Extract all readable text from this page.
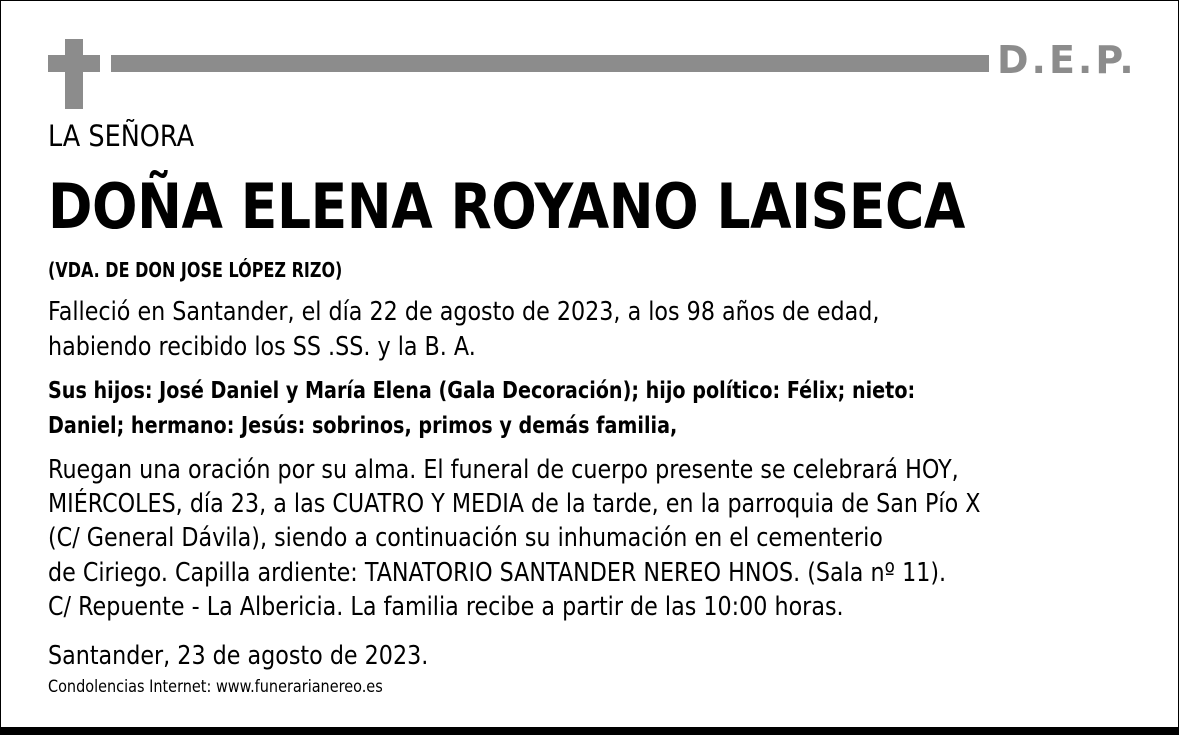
D.E.P.
LA SEÑORA
DOÑA ELENA ROYANO LAISECA
(VDA. DE DON JOSE LÓPEZ RIZO)
Falleció en Santander, el día 22 de agosto de 2023, a los 98 años de edad,
habiendo recibido los SS .SS. y la B. A.
Sus hijos: José Daniel y María Elena (Gala Decoración); hijo político: Félix; nieto:
Daniel; hermano: Jesús: sobrinos, primos y demás familia,
Ruegan una oración por su alma. El funeral de cuerpo presente se celebrará HOY,
MIÉRCOLES, día 23, a las CUATRO Y MEDIA de la tarde, en la parroquia de San Pío X
(C/ General Dávila), siendo a continuación su inhumación en el cementerio
de Ciriego. Capilla ardiente: TANATORIO SANTANDER NEREO HNOS. (Sala nº 11).
C/ Repuente - La Albericia. La familia recibe a partir de las 10:00 horas.
Santander, 23 de agosto de 2023.
Condolencias Internet: www.funerarianereo.es
